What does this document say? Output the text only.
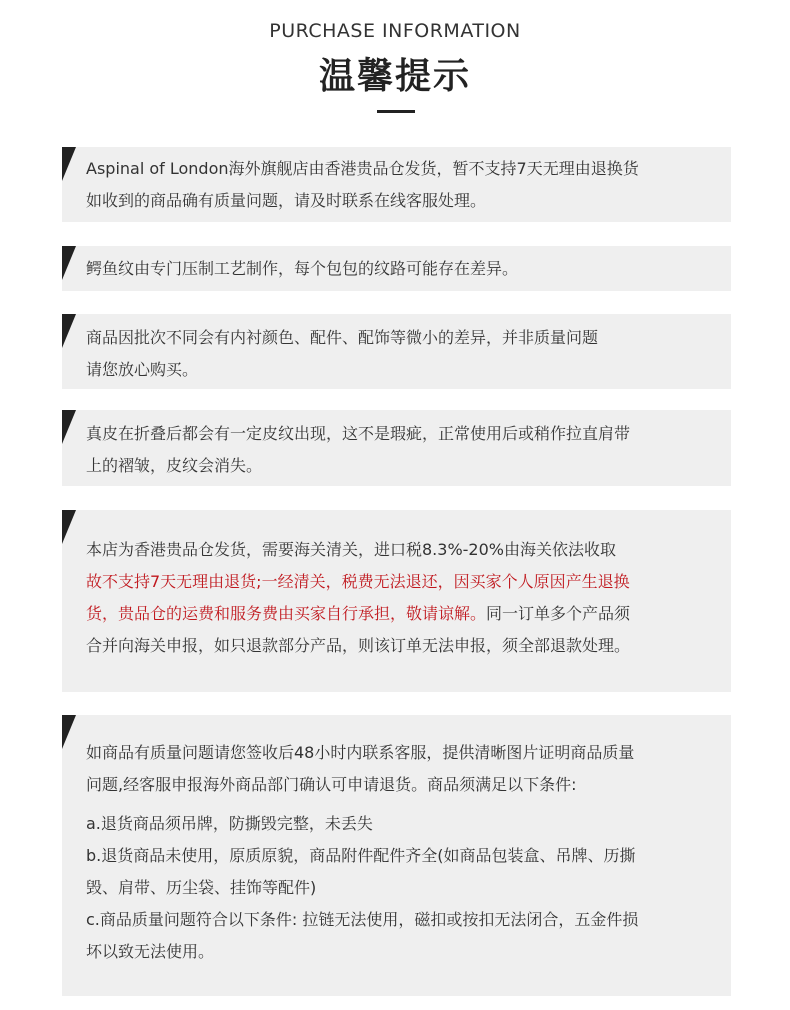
PURCHASE INFORMATION
温馨提示
Aspinal of London海外旗舰店由香港贵品仓发货，暂不支持7天无理由退换货
如收到的商品确有质量问题，请及时联系在线客服处理。
鳄鱼纹由专门压制工艺制作，每个包包的纹路可能存在差异。
商品因批次不同会有内衬颜色、配件、配饰等微小的差异，并非质量问题
请您放心购买。
真皮在折叠后都会有一定皮纹出现，这不是瑕疵，正常使用后或稍作拉直肩带
上的褶皱，皮纹会消失。
本店为香港贵品仓发货，需要海关清关，进口税8.3%-20%由海关依法收取
故不支持7天无理由退货;一经清关，税费无法退还，因买家个人原因产生退换
货，贵品仓的运费和服务费由买家自行承担，敬请谅解。同一订单多个产品须
合并向海关申报，如只退款部分产品，则该订单无法申报，须全部退款处理。
如商品有质量问题请您签收后48小时内联系客服，提供清晰图片证明商品质量
问题,经客服申报海外商品部门确认可申请退货。商品须满足以下条件:
a.退货商品须吊牌，防撕毁完整，未丢失
b.退货商品未使用，原质原貌，商品附件配件齐全(如商品包装盒、吊牌、历撕
毁、肩带、历尘袋、挂饰等配件)
c.商品质量问题符合以下条件: 拉链无法使用，磁扣或按扣无法闭合，五金件损
坏以致无法使用。
